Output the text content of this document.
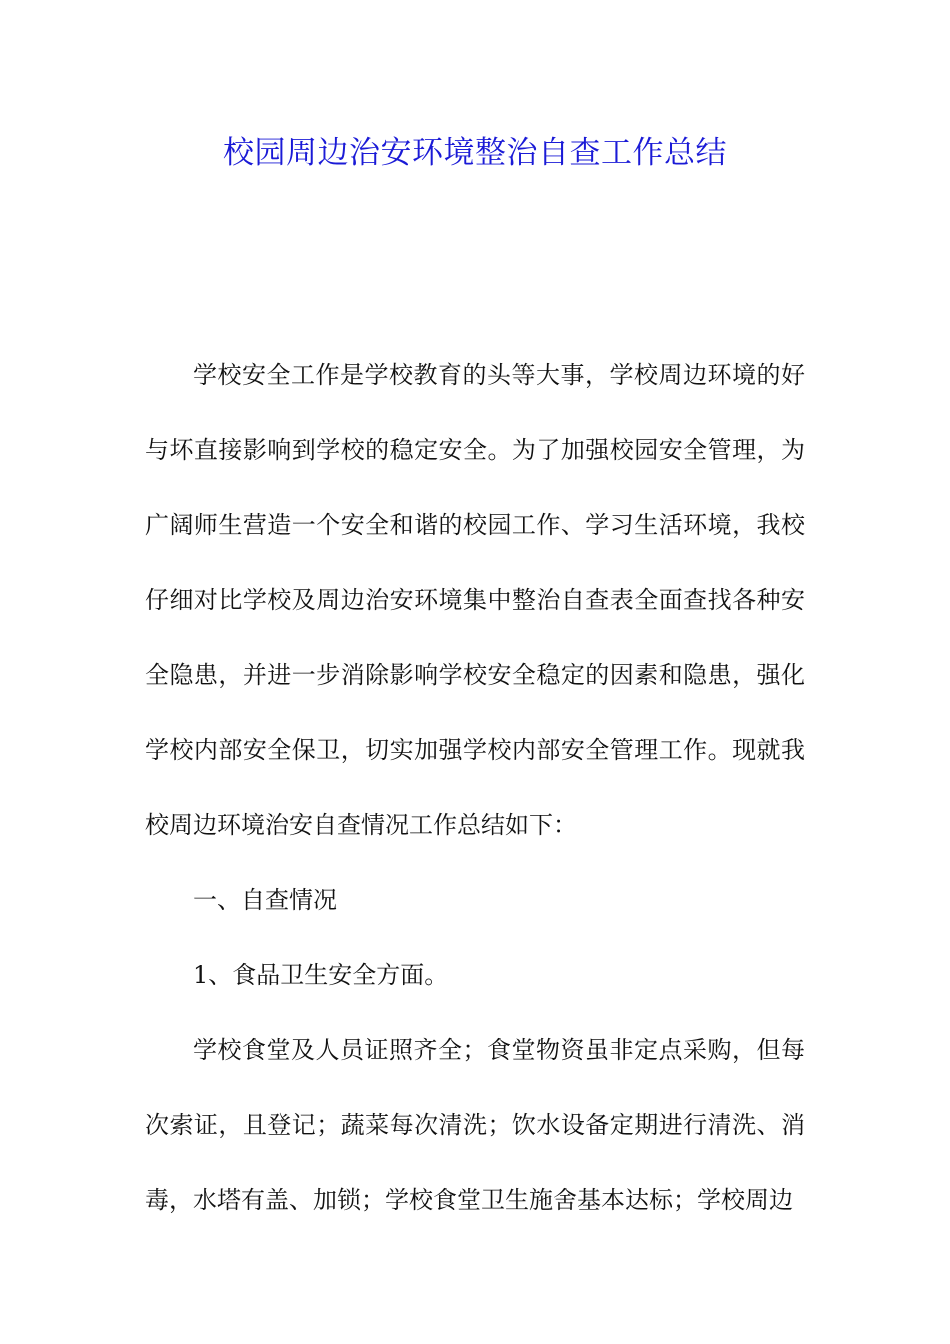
校园周边治安环境整治自查工作总结

学校安全工作是学校教育的头等大事，学校周边环境的好与坏直接影响到学校的稳定安全。为了加强校园安全管理，为广阔师生营造一个安全和谐的校园工作、学习生活环境，我校仔细对比学校及周边治安环境集中整治自查表全面查找各种安全隐患，并进一步消除影响学校安全稳定的因素和隐患，强化学校内部安全保卫，切实加强学校内部安全管理工作。现就我校周边环境治安自查情况工作总结如下：

一、自查情况

1、食品卫生安全方面。

学校食堂及人员证照齐全；食堂物资虽非定点采购，但每次索证，且登记；蔬菜每次清洗；饮水设备定期进行清洗、消毒，水塔有盖、加锁；学校食堂卫生施舍基本达标；学校周边
